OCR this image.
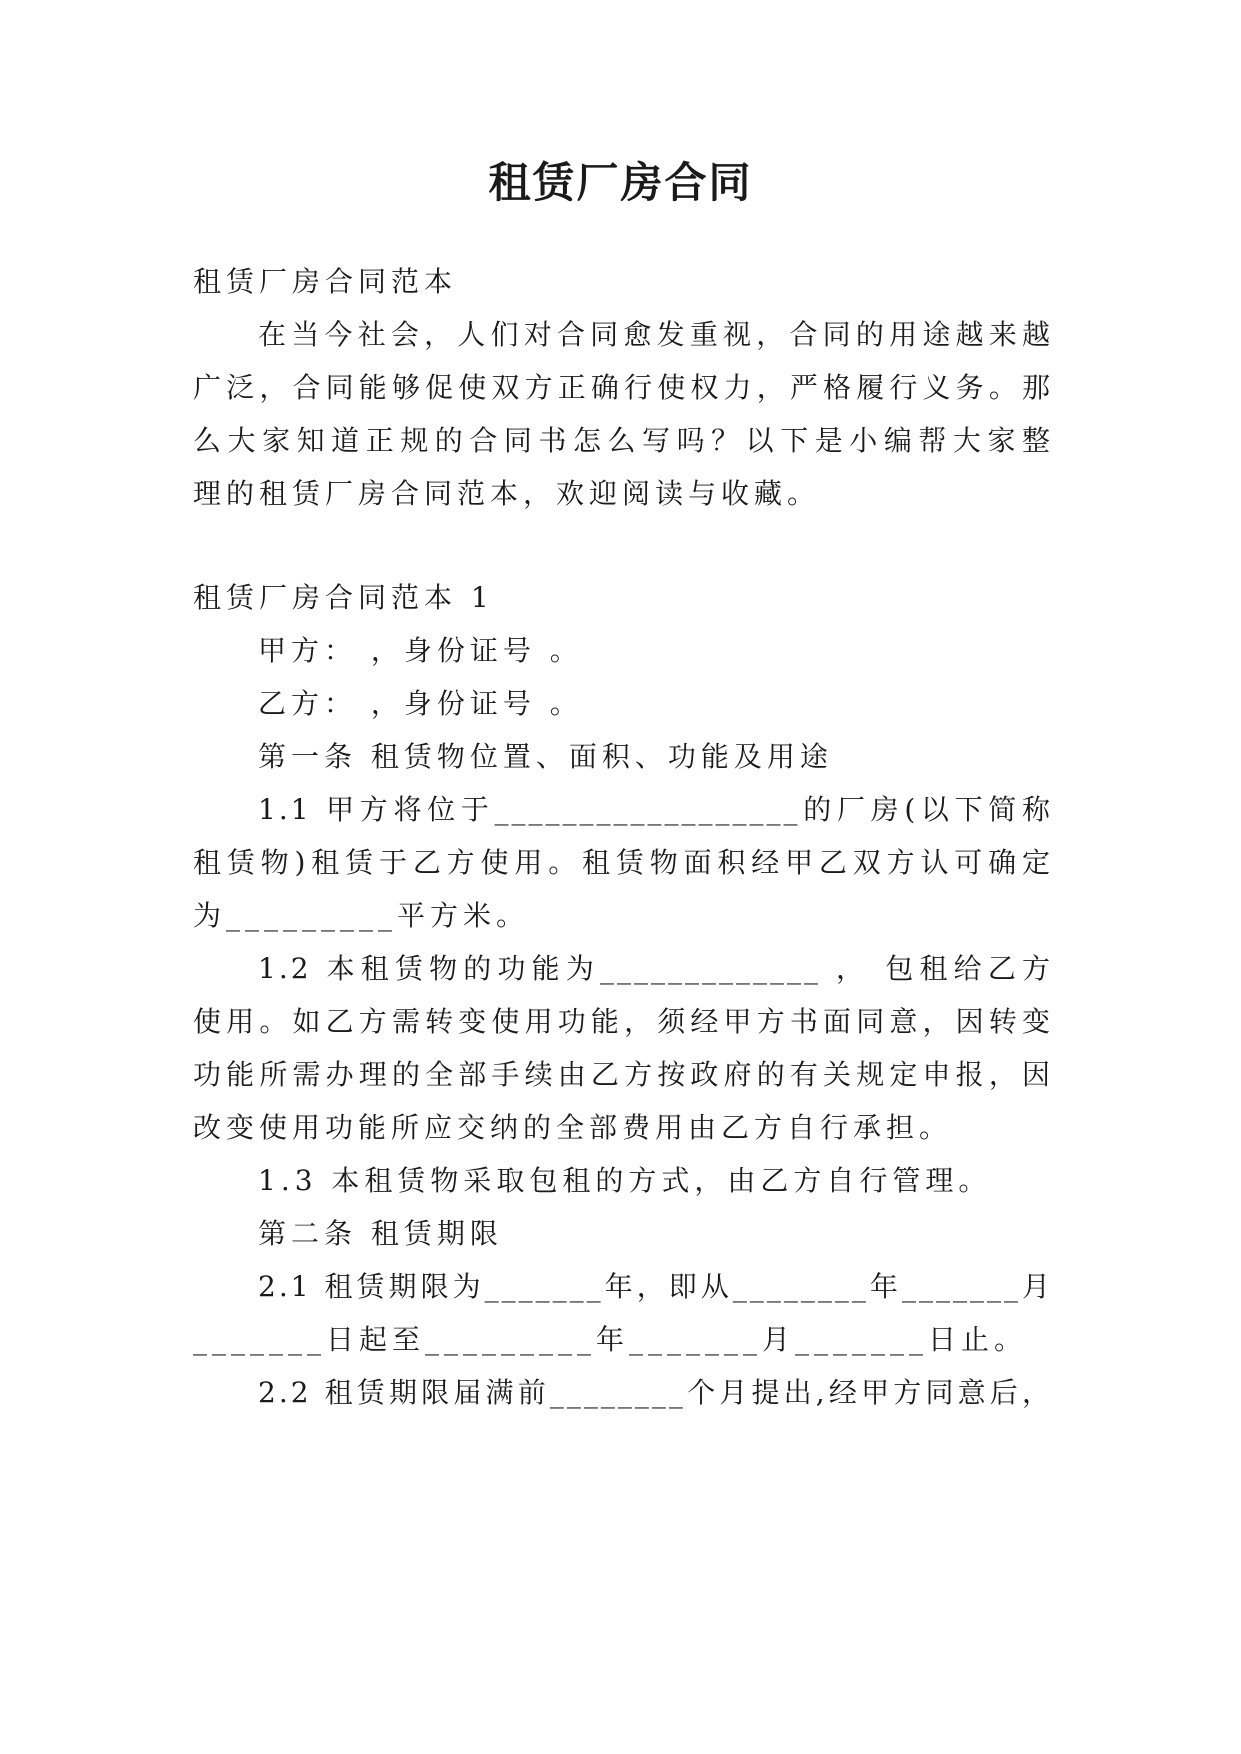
租赁厂房合同
租赁厂房合同范本
在当今社会，人们对合同愈发重视，合同的用途越来越
广泛，合同能够促使双方正确行使权力，严格履行义务。那
么大家知道正规的合同书怎么写吗？以下是小编帮大家整
理的租赁厂房合同范本，欢迎阅读与收藏。
租赁厂房合同范本 1
甲方： ，身份证号 。
乙方： ，身份证号 。
第一条 租赁物位置、面积、功能及用途
1.1 甲方将位于__________________的厂房(以下简称
租赁物)租赁于乙方使用。租赁物面积经甲乙双方认可确定
为_________平方米。
1.2 本租赁物的功能为_____________ ， 包租给乙方
使用。如乙方需转变使用功能，须经甲方书面同意，因转变
功能所需办理的全部手续由乙方按政府的有关规定申报，因
改变使用功能所应交纳的全部费用由乙方自行承担。
1.3 本租赁物采取包租的方式，由乙方自行管理。
第二条 租赁期限
2.1 租赁期限为_______年，即从________年_______月
_______日起至_________年_______月_______日止。
2.2 租赁期限届满前________个月提出,经甲方同意后，
